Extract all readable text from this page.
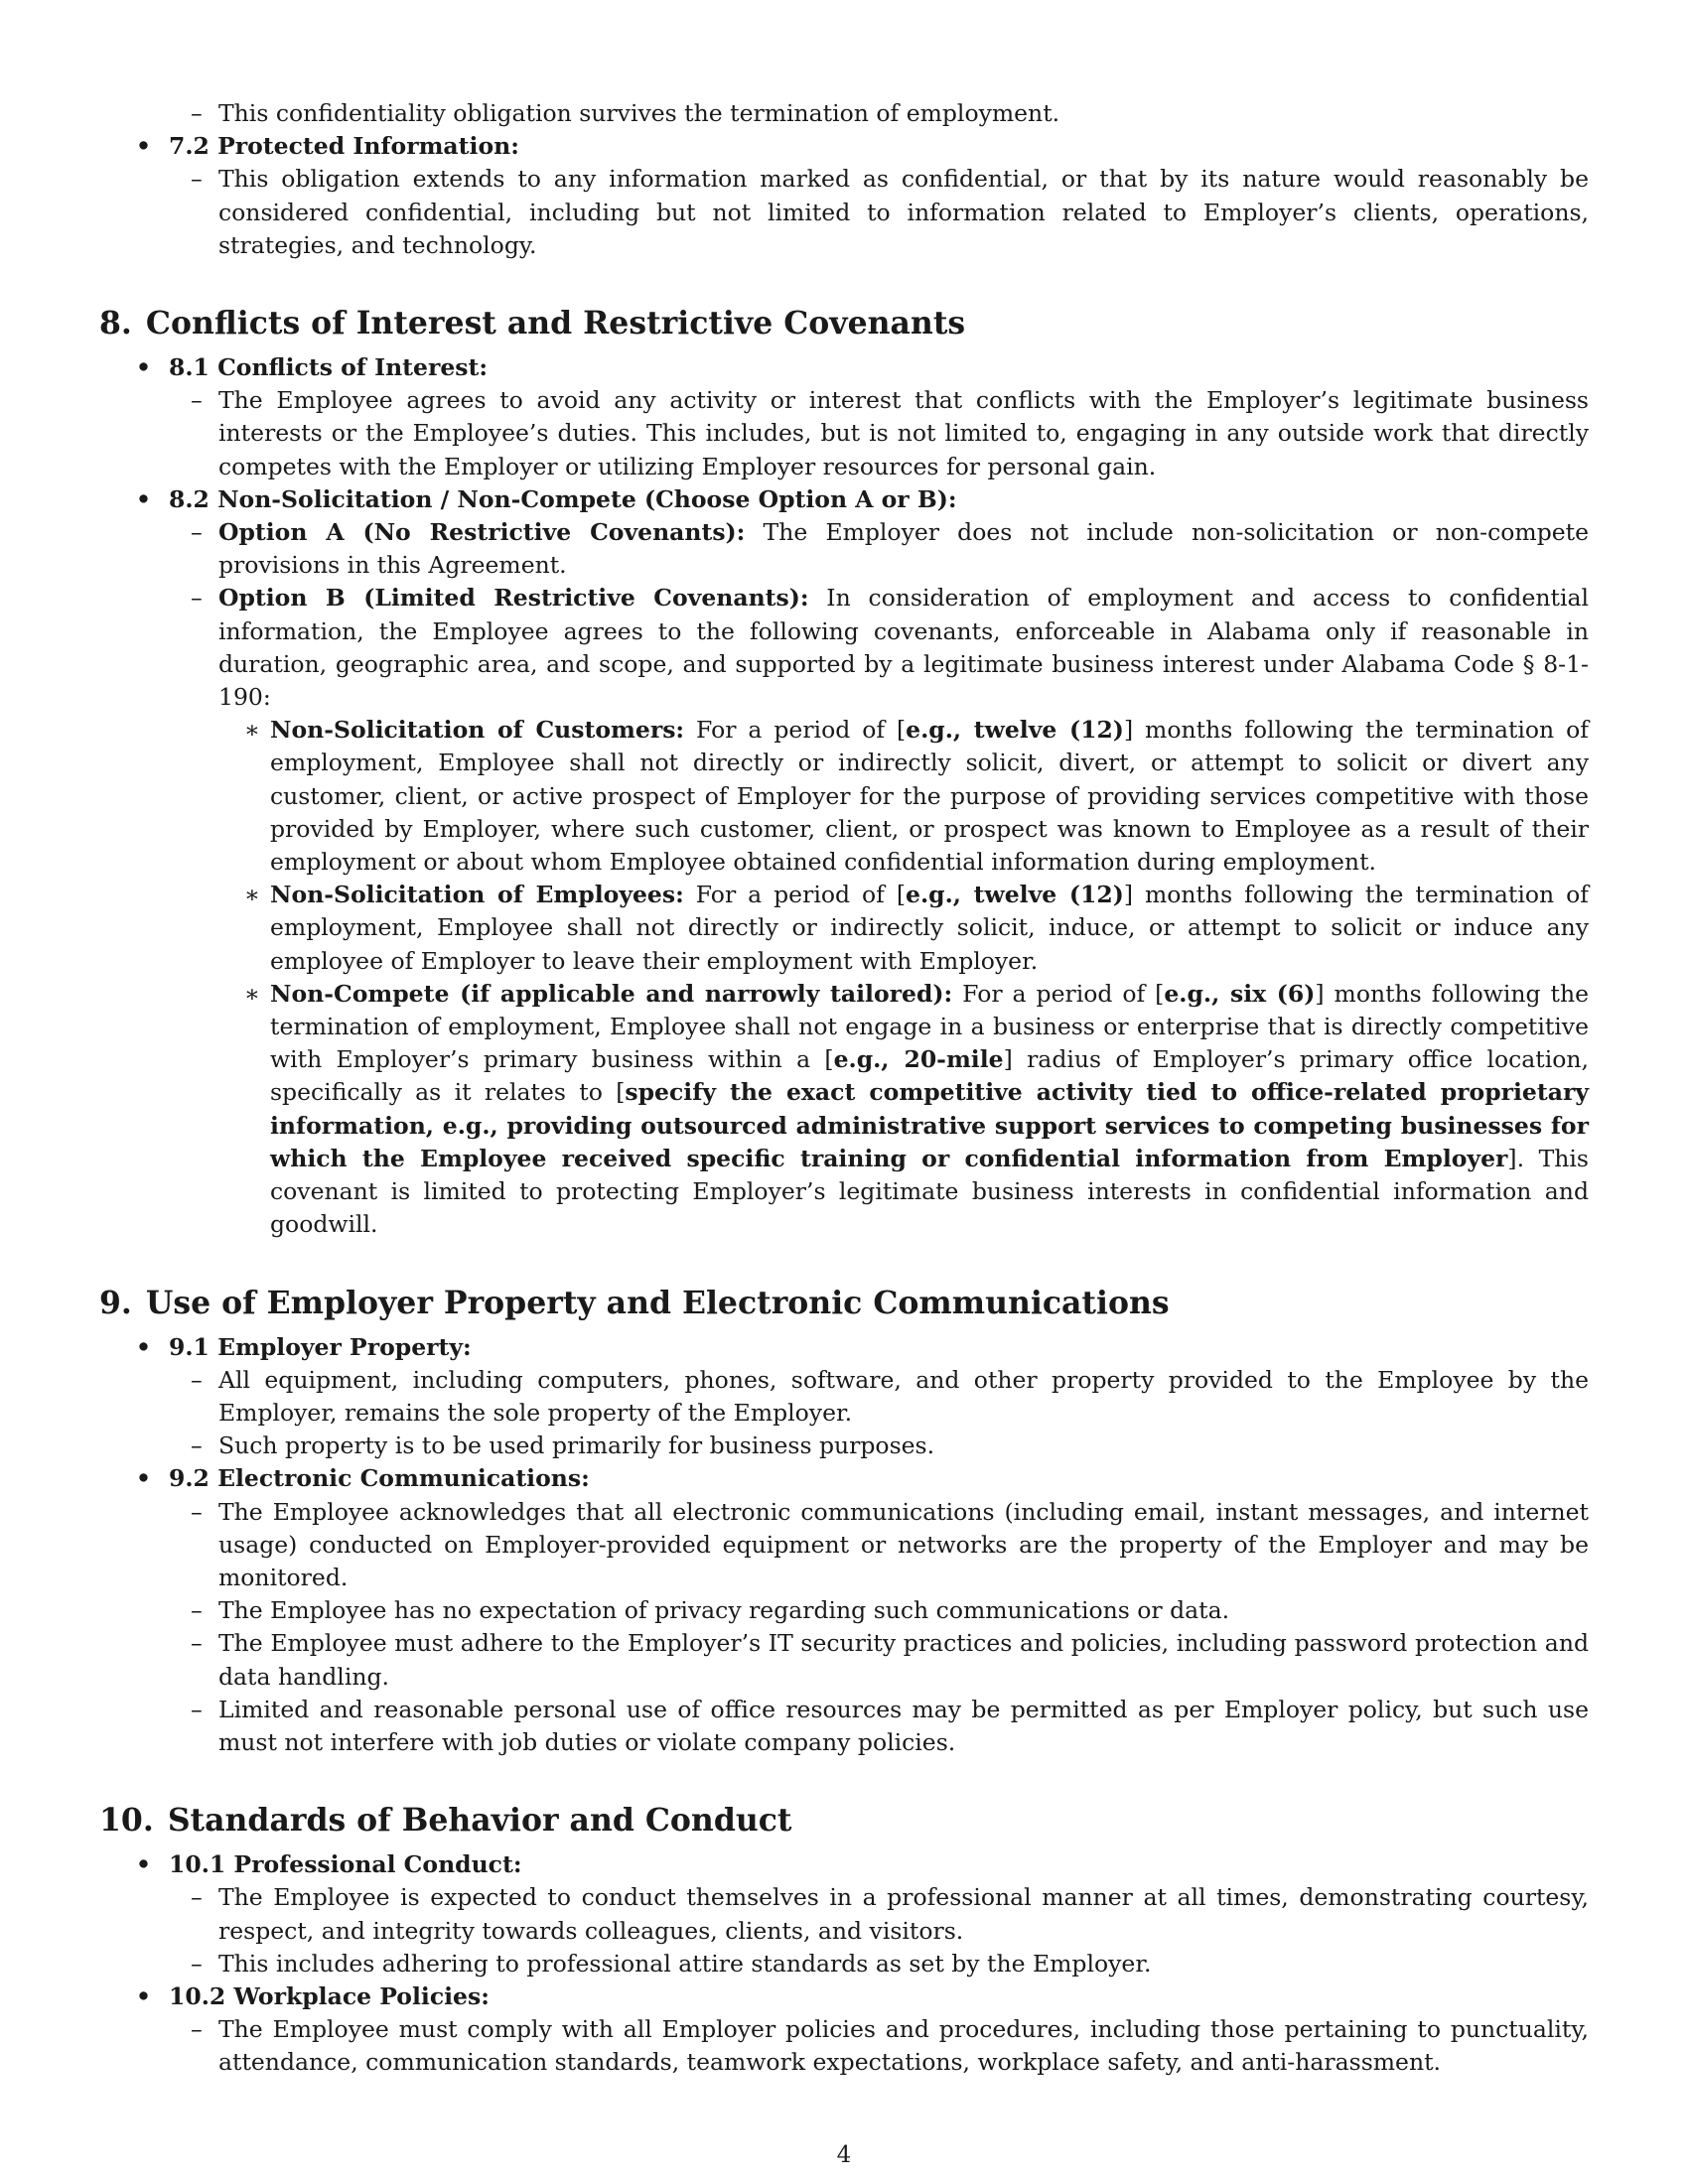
– This confidentiality obligation survives the termination of employment.
• 7.2 Protected Information:
– This obligation extends to any information marked as confidential, or that by its nature would reasonably be considered confidential, including but not limited to information related to Employer’s clients, operations, strategies, and technology.
8. Conflicts of Interest and Restrictive Covenants
• 8.1 Conflicts of Interest:
– The Employee agrees to avoid any activity or interest that conflicts with the Employer’s legitimate business interests or the Employee’s duties. This includes, but is not limited to, engaging in any outside work that directly competes with the Employer or utilizing Employer resources for personal gain.
• 8.2 Non-Solicitation / Non-Compete (Choose Option A or B):
– Option A (No Restrictive Covenants): The Employer does not include non-solicitation or non-compete provisions in this Agreement.
– Option B (Limited Restrictive Covenants): In consideration of employment and access to confidential information, the Employee agrees to the following covenants, enforceable in Alabama only if reasonable in duration, geographic area, and scope, and supported by a legitimate business interest under Alabama Code § 8-1-190:
∗ Non-Solicitation of Customers: For a period of [e.g., twelve (12)] months following the termination of employment, Employee shall not directly or indirectly solicit, divert, or attempt to solicit or divert any customer, client, or active prospect of Employer for the purpose of providing services competitive with those provided by Employer, where such customer, client, or prospect was known to Employee as a result of their employment or about whom Employee obtained confidential information during employment.
∗ Non-Solicitation of Employees: For a period of [e.g., twelve (12)] months following the termination of employment, Employee shall not directly or indirectly solicit, induce, or attempt to solicit or induce any employee of Employer to leave their employment with Employer.
∗ Non-Compete (if applicable and narrowly tailored): For a period of [e.g., six (6)] months following the termination of employment, Employee shall not engage in a business or enterprise that is directly competitive with Employer’s primary business within a [e.g., 20-mile] radius of Employer’s primary office location, specifically as it relates to [specify the exact competitive activity tied to office-related proprietary information, e.g., providing outsourced administrative support services to competing businesses for which the Employee received specific training or confidential information from Employer]. This covenant is limited to protecting Employer’s legitimate business interests in confidential information and goodwill.
9. Use of Employer Property and Electronic Communications
• 9.1 Employer Property:
– All equipment, including computers, phones, software, and other property provided to the Employee by the Employer, remains the sole property of the Employer.
– Such property is to be used primarily for business purposes.
• 9.2 Electronic Communications:
– The Employee acknowledges that all electronic communications (including email, instant messages, and internet usage) conducted on Employer-provided equipment or networks are the property of the Employer and may be monitored.
– The Employee has no expectation of privacy regarding such communications or data.
– The Employee must adhere to the Employer’s IT security practices and policies, including password protection and data handling.
– Limited and reasonable personal use of office resources may be permitted as per Employer policy, but such use must not interfere with job duties or violate company policies.
10. Standards of Behavior and Conduct
• 10.1 Professional Conduct:
– The Employee is expected to conduct themselves in a professional manner at all times, demonstrating courtesy, respect, and integrity towards colleagues, clients, and visitors.
– This includes adhering to professional attire standards as set by the Employer.
• 10.2 Workplace Policies:
– The Employee must comply with all Employer policies and procedures, including those pertaining to punctuality, attendance, communication standards, teamwork expectations, workplace safety, and anti-harassment.
4
